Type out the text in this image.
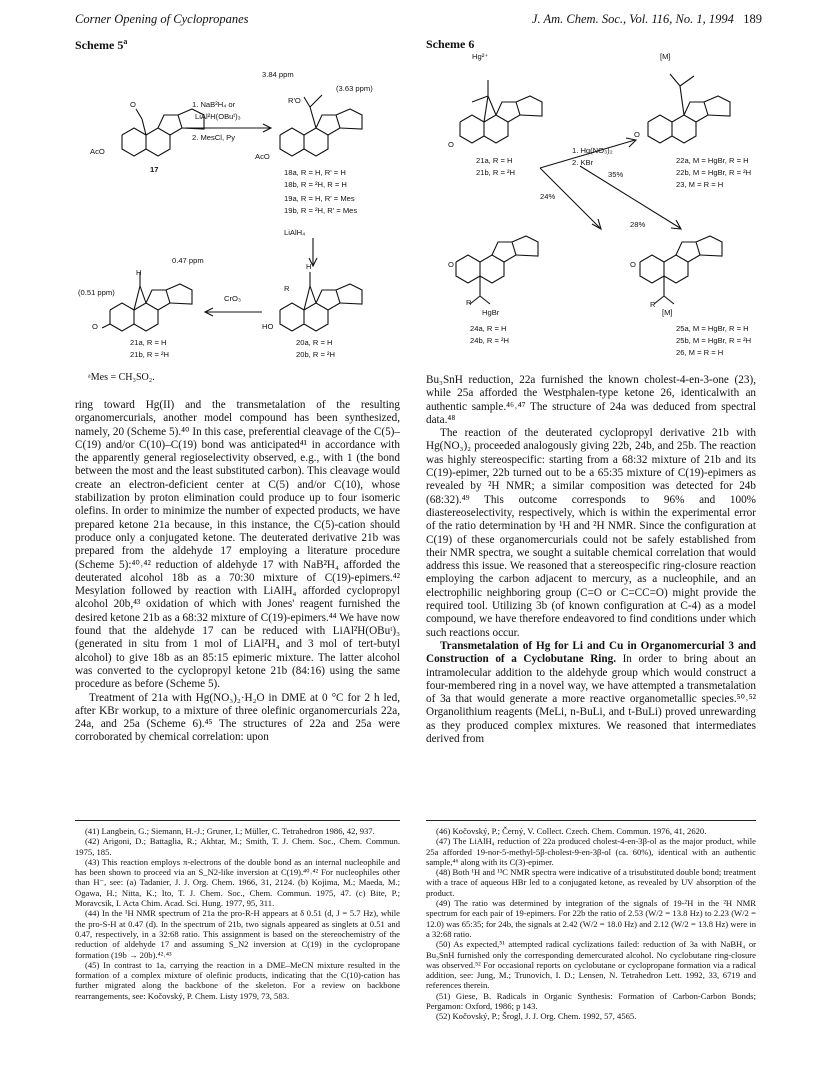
Corner Opening of Cyclopropanes	J. Am. Chem. Soc., Vol. 116, No. 1, 1994 189
Scheme 5$^a$
AcO
O
17
1. NaB²H₄ or
LiAl²H(OBuᵗ)₃
2. MesCl, Py
3.84 ppm
(3.63 ppm)
R'O
AcO
18a, R = H, R' = H
18b, R = ²H, R = H
19a, R = H, R' = Mes
19b, R = ²H, R' = Mes
LiAlH₄
H
R
HO
20a, R = H
20b, R = ²H
CrO₃
0.47 ppm
(0.51 ppm)
H
O
21a, R = H
21b, R = ²H
ᵃMes = CH₃SO₂.
Scheme 6
Hg²⁺
O
21a, R = H
21b, R = ²H
1. Hg(NO₃)₂
2. KBr
35%
24%
28%
[M]
O
22a, M = HgBr, R = H
22b, M = HgBr, R = ²H
23, M = R = H
O
R
HgBr
24a, R = H
24b, R = ²H
O
R
[M]
25a, M = HgBr, R = H
25b, M = HgBr, R = ²H
26, M = R = H

ring toward Hg(II) and the transmetalation of the resulting organomercurials, another model compound has been synthesized, namely, 20 (Scheme 5).⁴⁰ In this case, preferential cleavage of the C(5)–C(19) and/or C(10)–C(19) bond was anticipated⁴¹ in accordance with the apparently general regioselectivity observed, e.g., with 1 (the bond between the most and the least substituted carbon). This cleavage would create an electron-deficient center at C(5) and/or C(10), whose stabilization by proton elimination could produce up to four isomeric olefins. In order to minimize the number of expected products, we have prepared ketone 21a because, in this instance, the C(5)-cation should produce only a conjugated ketone. The deuterated derivative 21b was prepared from the aldehyde 17 employing a literature procedure (Scheme 5):⁴⁰˒⁴² reduction of aldehyde 17 with NaB²H₄ afforded the deuterated alcohol 18b as a 70:30 mixture of C(19)-epimers.⁴² Mesylation followed by reaction with LiAlH₄ afforded cyclopropyl alcohol 20b,⁴³ oxidation of which with Jones' reagent furnished the desired ketone 21b as a 68:32 mixture of C(19)-epimers.⁴⁴ We have now found that the aldehyde 17 can be reduced with LiAl²H(OBuᵗ)₃ (generated in situ from 1 mol of LiAl²H₄ and 3 mol of tert-butyl alcohol) to give 18b as an 85:15 epimeric mixture. The latter alcohol was converted to the cyclopropyl ketone 21b (84:16) using the same procedure as before (Scheme 5).

Treatment of 21a with Hg(NO₃)₂·H₂O in DME at 0 °C for 2 h led, after KBr workup, to a mixture of three olefinic organomercurials 22a, 24a, and 25a (Scheme 6).⁴⁵ The structures of 22a and 25a were corroborated by chemical correlation: upon

Bu₃SnH reduction, 22a furnished the known cholest-4-en-3-one (23), while 25a afforded the Westphalen-type ketone 26, identicalwith an authentic sample.⁴⁶˒⁴⁷ The structure of 24a was deduced from spectral data.⁴⁸

The reaction of the deuterated cyclopropyl derivative 21b with Hg(NO₃)₂ proceeded analogously giving 22b, 24b, and 25b. The reaction was highly stereospecific: starting from a 68:32 mixture of 21b and its C(19)-epimer, 22b turned out to be a 65:35 mixture of C(19)-epimers as revealed by ²H NMR; a similar composition was detected for 24b (68:32).⁴⁹ This outcome corresponds to 96% and 100% diastereoselectivity, respectively, which is within the experimental error of the ratio determination by ¹H and ²H NMR. Since the configuration at C(19) of these organomercurials could not be safely established from their NMR spectra, we sought a suitable chemical correlation that would address this issue. We reasoned that a stereospecific ring-closure reaction employing the carbon adjacent to mercury, as a nucleophile, and an electrophilic neighboring group (C=O or C=CC=O) might provide the required tool. Utilizing 3b (of known configuration at C-4) as a model compound, we have therefore endeavored to find conditions under which such reactions occur.

Transmetalation of Hg for Li and Cu in Organomercurial 3 and Construction of a Cyclobutane Ring. In order to bring about an intramolecular addition to the aldehyde group which would construct a four-membered ring in a novel way, we have attempted a transmetalation of 3a that would generate a more reactive organometallic species.⁵⁰˒⁵² Organolithium reagents (MeLi, n-BuLi, and t-BuLi) proved unrewarding as they produced complex mixtures. We reasoned that intermediates derived from

(41) Langbein, G.; Siemann, H.-J.; Gruner, I.; Müller, C. Tetrahedron 1986, 42, 937.

(42) Arigoni, D.; Battaglia, R.; Akhtar, M.; Smith, T. J. Chem. Soc., Chem. Commun. 1975, 185.

(43) This reaction employs π-electrons of the double bond as an internal nucleophile and has been shown to proceed via an S_N2-like inversion at C(19).⁴⁰˒⁴² For nucleophiles other than H⁻, see: (a) Tadanier, J. J. Org. Chem. 1966, 31, 2124. (b) Kojima, M.; Maeda, M.; Ogawa, H.; Nitta, K.; Ito, T. J. Chem. Soc., Chem. Commun. 1975, 47. (c) Bite, P.; Moravcsik, I. Acta Chim. Acad. Sci. Hung. 1977, 95, 311.

(44) In the ¹H NMR spectrum of 21a the pro-R-H appears at δ 0.51 (d, J = 5.7 Hz), while the pro-S-H at 0.47 (d). In the spectrum of 21b, two signals appeared as singlets at 0.51 and 0.47, respectively, in a 32:68 ratio. This assignment is based on the stereochemistry of the reduction of aldehyde 17 and assuming S_N2 inversion at C(19) in the cyclopropane formation (19b → 20b).⁴²˒⁴³

(45) In contrast to 1a, carrying the reaction in a DME–MeCN mixture resulted in the formation of a complex mixture of olefinic products, indicating that the C(10)-cation has further migrated along the backbone of the skeleton. For a review on backbone rearrangements, see: Kočovský, P. Chem. Listy 1979, 73, 583.

(46) Kočovský, P.; Černý, V. Collect. Czech. Chem. Commun. 1976, 41, 2620.

(47) The LiAlH₄ reduction of 22a produced cholest-4-en-3β-ol as the major product, while 25a afforded 19-nor-5-methyl-5β-cholest-9-en-3β-ol (ca. 60%), identical with an authentic sample,⁴⁶ along with its C(3)-epimer.

(48) Both ¹H and ¹³C NMR spectra were indicative of a trisubstituted double bond; treatment with a trace of aqueous HBr led to a conjugated ketone, as revealed by UV absorption of the product.

(49) The ratio was determined by integration of the signals of 19-²H in the ²H NMR spectrum for each pair of 19-epimers. For 22b the ratio of 2.53 (W/2 = 13.8 Hz) to 2.23 (W/2 = 12.0) was 65:35; for 24b, the signals at 2.42 (W/2 = 18.0 Hz) and 2.12 (W/2 = 13.8 Hz) were in a 32:68 ratio.

(50) As expected,⁵¹ attempted radical cyclizations failed: reduction of 3a with NaBH₄ or Bu₃SnH furnished only the corresponding demercurated alcohol. No cyclobutane ring-closure was observed.⁵² For occasional reports on cyclobutane or cyclopropane formation via a radical addition, see: Jung, M.; Trunovich, I. D.; Lensen, N. Tetrahedron Lett. 1992, 33, 6719 and references therein.

(51) Giese, B. Radicals in Organic Synthesis: Formation of Carbon-Carbon Bonds; Pergamon: Oxford, 1986; p 143.

(52) Kočovský, P.; Šrogl, J. J. Org. Chem. 1992, 57, 4565.
